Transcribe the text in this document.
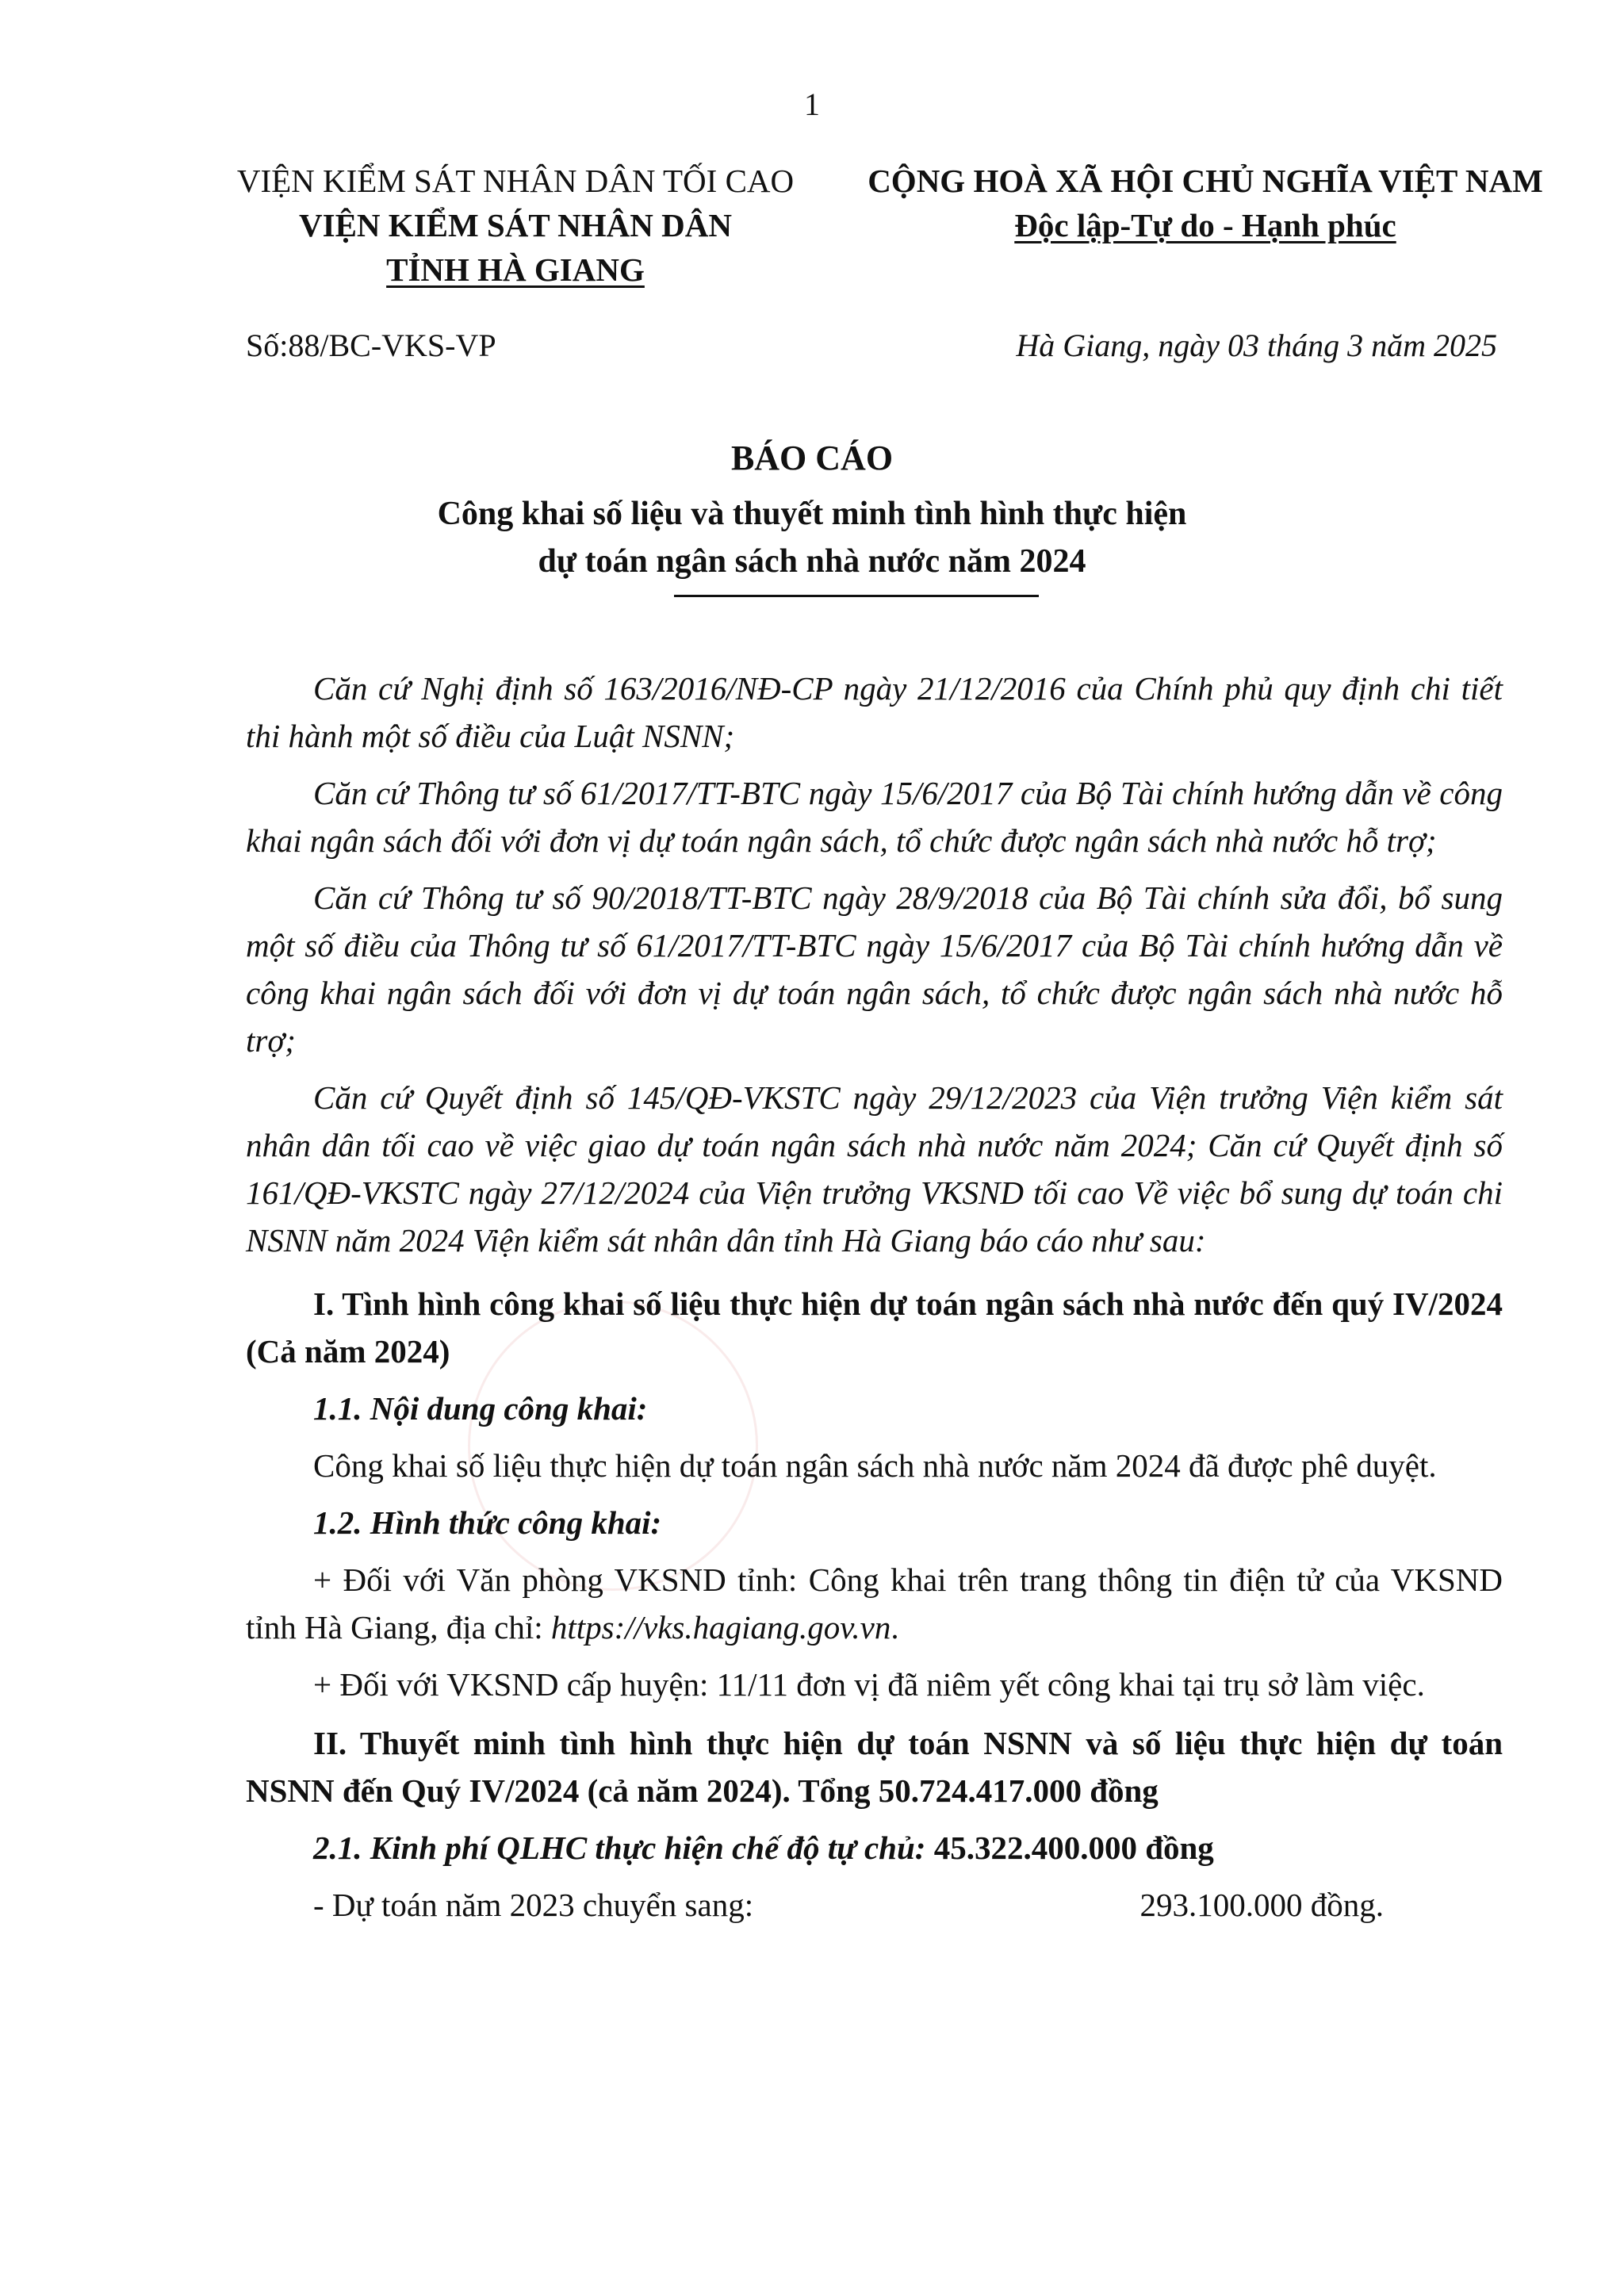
1
VIỆN KIỂM SÁT NHÂN DÂN TỐI CAO
VIỆN KIỂM SÁT NHÂN DÂN
TỈNH HÀ GIANG
CỘNG HOÀ XÃ HỘI CHỦ NGHĨA VIỆT NAM
Độc lập-Tự do - Hạnh phúc
Số:88/BC-VKS-VP	Hà Giang, ngày 03 tháng 3 năm 2025
BÁO CÁO
Công khai số liệu và thuyết minh tình hình thực hiện
dự toán ngân sách nhà nước năm 2024

Căn cứ Nghị định số 163/2016/NĐ-CP ngày 21/12/2016 của Chính phủ quy định chi tiết thi hành một số điều của Luật NSNN;

Căn cứ Thông tư số 61/2017/TT-BTC ngày 15/6/2017 của Bộ Tài chính hướng dẫn về công khai ngân sách đối với đơn vị dự toán ngân sách, tổ chức được ngân sách nhà nước hỗ trợ;

Căn cứ Thông tư số 90/2018/TT-BTC ngày 28/9/2018 của Bộ Tài chính sửa đổi, bổ sung một số điều của Thông tư số 61/2017/TT-BTC ngày 15/6/2017 của Bộ Tài chính hướng dẫn về công khai ngân sách đối với đơn vị dự toán ngân sách, tổ chức được ngân sách nhà nước hỗ trợ;

Căn cứ Quyết định số 145/QĐ-VKSTC ngày 29/12/2023 của Viện trưởng Viện kiểm sát nhân dân tối cao về việc giao dự toán ngân sách nhà nước năm 2024; Căn cứ Quyết định số 161/QĐ-VKSTC ngày 27/12/2024 của Viện trưởng VKSND tối cao Về việc bổ sung dự toán chi NSNN năm 2024 Viện kiểm sát nhân dân tỉnh Hà Giang báo cáo như sau:

I. Tình hình công khai số liệu thực hiện dự toán ngân sách nhà nước đến quý IV/2024 (Cả năm 2024)

1.1. Nội dung công khai:

Công khai số liệu thực hiện dự toán ngân sách nhà nước năm 2024 đã được phê duyệt.

1.2. Hình thức công khai:

+ Đối với Văn phòng VKSND tỉnh: Công khai trên trang thông tin điện tử của VKSND tỉnh Hà Giang, địa chỉ: https://vks.hagiang.gov.vn.

+ Đối với VKSND cấp huyện: 11/11 đơn vị đã niêm yết công khai tại trụ sở làm việc.

II. Thuyết minh tình hình thực hiện dự toán NSNN và số liệu thực hiện dự toán NSNN đến Quý IV/2024 (cả năm 2024). Tổng 50.724.417.000 đồng

2.1. Kinh phí QLHC thực hiện chế độ tự chủ: 45.322.400.000 đồng

- Dự toán năm 2023 chuyển sang:	293.100.000 đồng.
